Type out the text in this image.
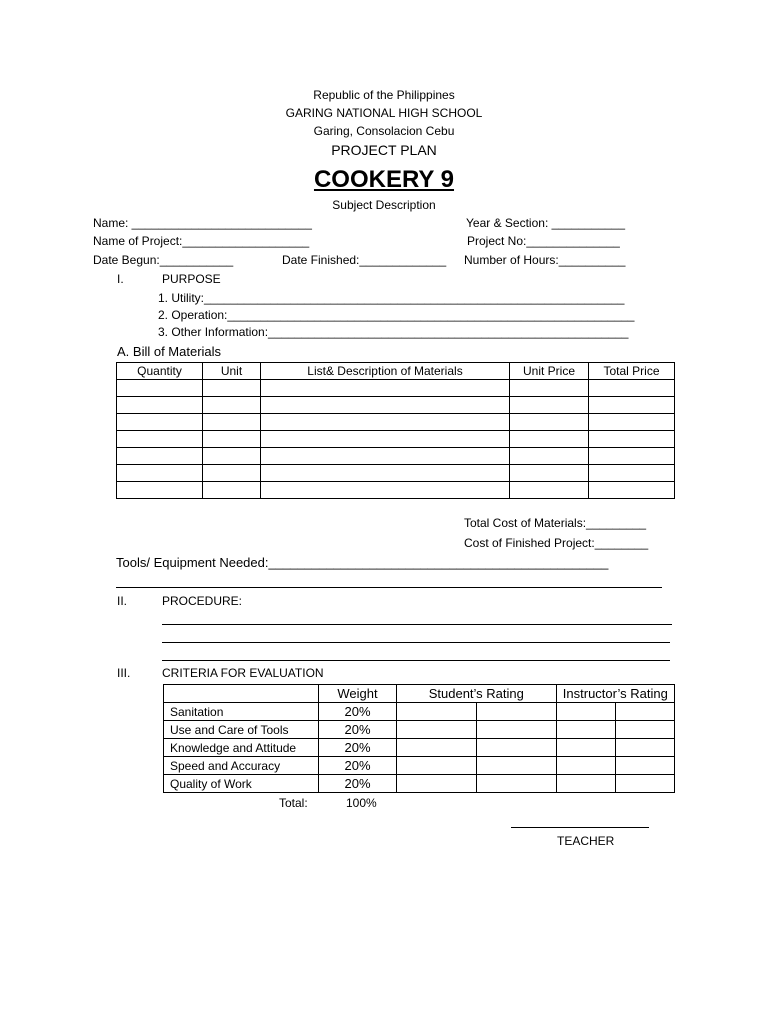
Republic of the Philippines
GARING NATIONAL HIGH SCHOOL
Garing, Consolacion Cebu
PROJECT PLAN
COOKERY 9
Subject Description
Name: ___________________________	Year & Section: ___________
Name of Project:___________________	Project No:______________
Date Begun:___________	Date Finished:_____________ Number of Hours:__________
I.	PURPOSE
1. Utility:_______________________________________________________________
2. Operation:_____________________________________________________________
3. Other Information:______________________________________________________
A. Bill of Materials
Quantity	Unit	List& Description of Materials	Unit Price	Total Price

Total Cost of Materials:_________
Cost of Finished Project:________
Tools/ Equipment Needed:_______________________________________________
II.	PROCEDURE:
III.	CRITERIA FOR EVALUATION
	Weight	Student’s Rating		Instructor’s Rating	
Sanitation	20%				
Use and Care of Tools	20%				
Knowledge and Attitude	20%				
Speed and Accuracy	20%				
Quality of Work	20%				
Total:	100%
TEACHER
